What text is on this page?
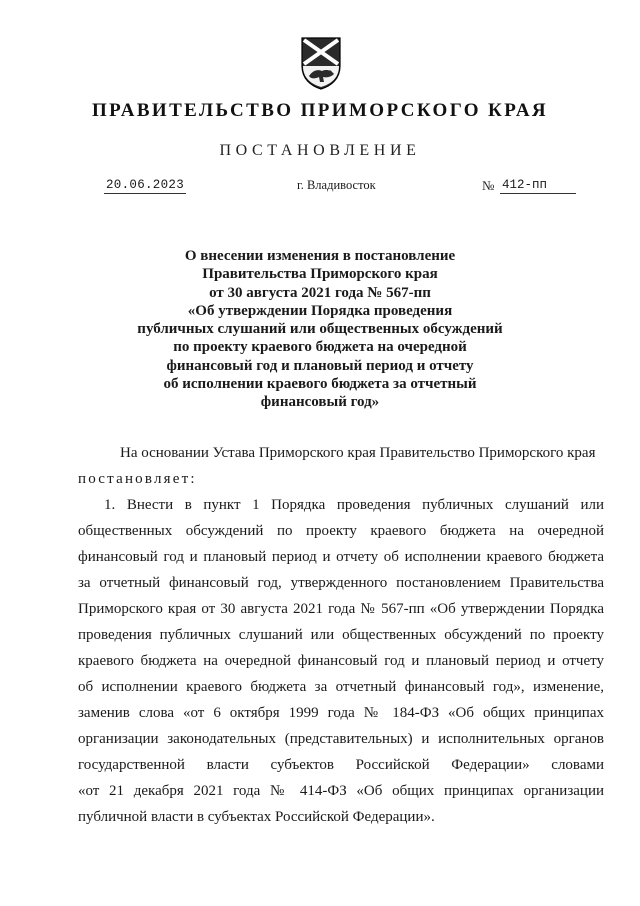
ПРАВИТЕЛЬСТВО ПРИМОРСКОГО КРАЯ
ПОСТАНОВЛЕНИЕ
20.06.2023	г. Владивосток	№ 412-пп
О внесении изменения в постановление
Правительства Приморского края
от 30 августа 2021 года № 567-пп
«Об утверждении Порядка проведения
публичных слушаний или общественных обсуждений
по проекту краевого бюджета на очередной
финансовый год и плановый период и отчету
об исполнении краевого бюджета за отчетный
финансовый год»
На основании Устава Приморского края Правительство Приморского края
постановляет:
1. Внести в пункт 1 Порядка проведения публичных слушаний или
общественных обсуждений по проекту краевого бюджета на очередной
финансовый год и плановый период и отчету об исполнении краевого бюджета
за отчетный финансовый год, утвержденного постановлением Правительства
Приморского края от 30 августа 2021 года № 567-пп «Об утверждении Порядка
проведения публичных слушаний или общественных обсуждений по проекту
краевого бюджета на очередной финансовый год и плановый период и отчету
об исполнении краевого бюджета за отчетный финансовый год», изменение,
заменив слова «от 6 октября 1999 года № 184-ФЗ «Об общих принципах
организации законодательных (представительных) и исполнительных органов
государственной власти субъектов Российской Федерации» словами
«от 21 декабря 2021 года № 414-ФЗ «Об общих принципах организации
публичной власти в субъектах Российской Федерации».
